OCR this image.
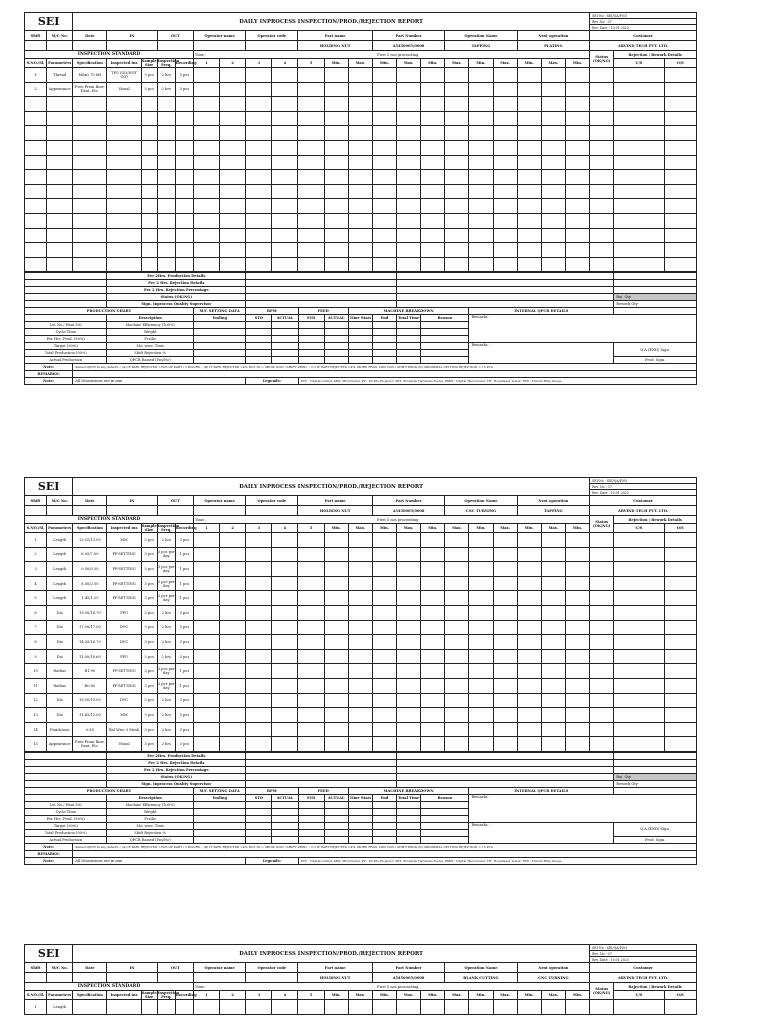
SEI		DAILY INPROCESS INSPECTION/PROD./REJECTION REPORT																					SEI-No : SEI/QA/F/03		
																							Rev. No : 07		
																							Rev. Date : 10.01.2023		
Shift	M/C No.	Date	IN		OUT		Operator name		Operator code		Part name			Part Number			Operation Name			Next operation			Customer		
											HOLDING NUT			A5450005/0008			TAPPING			PLATING			ARVIND TECH PVT. LTD.		
INSPECTION STANDARD							Time : First 5 nos proceeding																Status (OK/NG)	Rejection / Rework Details	
S.NO./Sl.	Parameters	Specification	Inspected ins	Sample Size	Inspection Freq.	Recording	1	2	3	4	5	Min.	Max.	Min.	Max.	Min.	Max.	Min.	Max.	Min.	Max.	Min.		U/S	O/S
1	Thread	M6x0.75-6H	TPG (GO/NOT GO)	3 pcs	2 hrs	3 pcs																			
2	Appearance	Free From Burr, Dent, Etc.	Visual	3 pcs	2 hrs	3 pcs																			

		Per 2Hrs. Production Details											
		Per 2 Hrs. Rejection Details											
		Per 2 Hrs. Rejection Percentage											
		Status (OK/NG)											Rej. Qty
		Sign. Inprocess Quality Supervisor											Rework Qty
PRODUCTION CHART			M/C SETTING DATA	RPM		FEED		MACHINE BREAKDOWN				INTERNAL QPCR DETAILS	
		Description	Tooling	STD	ACTUAL	STD	ACTUAL	Time Start	End	Total Time	Reason	Remarks :	
Lot No./ Heat NO		Machine Efficiency (100%)											
Cycle Time		Weight											
Per Hrs. Prod. (90%)		Pcs/hr											
Target (90%)		M/c wise. Time										Remarks :	Q.A.(END) Sign.
Total Production (90%)		Shift Rejection %											
Actual Production		QPCR Raised (Yes/No)											Prod. Sign.
Note:	Samed QPCR In any defects -: (A) IF PART REJECTED >50% OF PART / 1 HOURS -: (B) IF PART REJECTED >4% NOT IN > SHOW NON / SHIFT PROD. -: (C) IF PART REJECTED >4%, MORE THAN 1000 NOS / SHIFT PROD.(D) ABNORMAL SETTING REJECTION > 15 PCS												
REMARKS:													
Note:	All Dimensions are in mm			Legends:		DVC : Digital vernier, MM: Micrometer, PP : Profile Projector, SRT: Rockwell Hardness Tester, DMM : Digital Micrometer ,HT: Roughness Tester, TRG : Thread Ring Gauge							
SEI		DAILY INPROCESS INSPECTION/PROD./REJECTION REPORT																					SEI-No : SEI/QA/F/03		
																							Rev. No : 07		
																							Rev. Date : 10.01.2023		
Shift	M/C No.	Date	IN		OUT		Operator name		Operator code		Part name			Part Number			Operation Name			Next operation			Customer		
											HOLDING NUT			A5450005/0008			CNC TURNING			TAPPING			ARVIND TECH PVT. LTD.		
INSPECTION STANDARD							Time : First 5 nos proceeding																Status (OK/NG)	Rejection / Rework Details	
S.NO./Sl.	Parameters	Specification	Inspected ins	Sample Size	Inspection Freq.	Recording	1	2	3	4	5	Min.	Max.	Min.	Max.	Min.	Max.	Min.	Max.	Min.	Max.	Min.		U/S	O/S
1	Length	13.05/13.00	MM	3 pcs	2 hrs	3 pcs																			
2	Length	6.05/7.00	PP-SETTING	3 pcs	3 pcs per day	1 pcs																			
3	Length	0.50/0.30	PP-SETTING	3 pcs	3 pcs per day	1 pcs																			
4	Length	8.00/2.50	PP-SETTING	3 pcs	3 pcs per day	1 pcs																			
5	Length	1.45/1.25	PP-SETTING	3 pcs	3 pcs per day	1 pcs																			
6	Dia	19.00/18.70	PPG	3 pcs	2 hrs	3 pcs																			
7	Dia	17.00/17.00	DVC	3 pcs	2 hrs	3 pcs																			
8	Dia	14.05/16.70	DVC	3 pcs	2 hrs	3 pcs																			
9	Dia	11.00/10.60	PPG	3 pcs	2 hrs	3 pcs																			
10	Radius	R1.90	PP-SETTING	3 pcs	3 pcs per day	1 pcs																			
11	Radius	R0.80	PP-SETTING	3 pcs	3 pcs per day	1 pcs																			
12	Dia	19.00/19.00	DVC	3 pcs	2 hrs	3 pcs																			
13	Dia	11.45/12.00	MM	3 pcs	2 hrs	3 pcs																			
14	Finish/size	0.85	Bal Wire 3 Mesh	3 pcs	2 hrs	3 pcs																			
15	Appearance	Free From Burr, Dent, Etc.	Visual	3 pcs	2 hrs	3 pcs																			
		Per 2Hrs. Production Details											
		Per 2 Hrs. Rejection Details											
		Per 2 Hrs. Rejection Percentage											
		Status (OK/NG)											Rej. Qty
		Sign. Inprocess Quality Supervisor											Rework Qty
PRODUCTION CHART			M/C SETTING DATA	RPM		FEED		MACHINE BREAKDOWN				INTERNAL QPCR DETAILS	
		Description	Tooling	STD	ACTUAL	STD	ACTUAL	Time Start	End	Total Time	Reason	Remarks :	
Lot No./ Heat NO		Machine Efficiency (100%)											
Cycle Time		Weight											
Per Hrs. Prod. (90%)		Pcs/hr											
Target (90%)		M/c wise. Time										Remarks :	Q.A.(END) Sign.
Total Production (90%)		Shift Rejection %											
Actual Production		QPCR Raised (Yes/No)											Prod. Sign.
Note:	Samed QPCR In any defects -: (A) IF PART REJECTED >50% OF PART / 1 HOURS -: (B) IF PART REJECTED >4% NOT IN > SHOW NON / SHIFT PROD. -: (C) IF PART REJECTED >4%, MORE THAN 1000 NOS / SHIFT PROD.(D) ABNORMAL SETTING REJECTION > 15 PCS												
REMARKS:													
Note:	All Dimensions are in mm			Legends:		DVC : Digital vernier, MM: Micrometer, PP : Profile Projector, SRT: Rockwell Hardness Tester, DMM : Digital Micrometer ,HT: Roughness Tester, TRG : Thread Ring Gauge							
SEI		DAILY INPROCESS INSPECTION/PROD./REJECTION REPORT																					SEI-No : SEI/QA/F/03		
																							Rev. No : 07		
																							Rev. Date : 10.01.2023		
Shift	M/C No.	Date	IN		OUT		Operator name		Operator code		Part name			Part Number			Operation Name			Next operation			Customer		
											HOLDING NUT			A5450005/0008			BLANK CUTTING			CNC TURNING			ARVIND TECH PVT. LTD.		
INSPECTION STANDARD							Time : First 5 nos proceeding																Status (OK/NG)	Rejection / Rework Details	
S.NO./Sl.	Parameters	Specification	Inspected ins	Sample Size	Inspection Freq.	Recording	1	2	3	4	5	Min.	Max.	Min.	Max.	Min.	Max.	Min.	Max.	Min.	Max.	Min.		U/S	O/S
1	Length																								
